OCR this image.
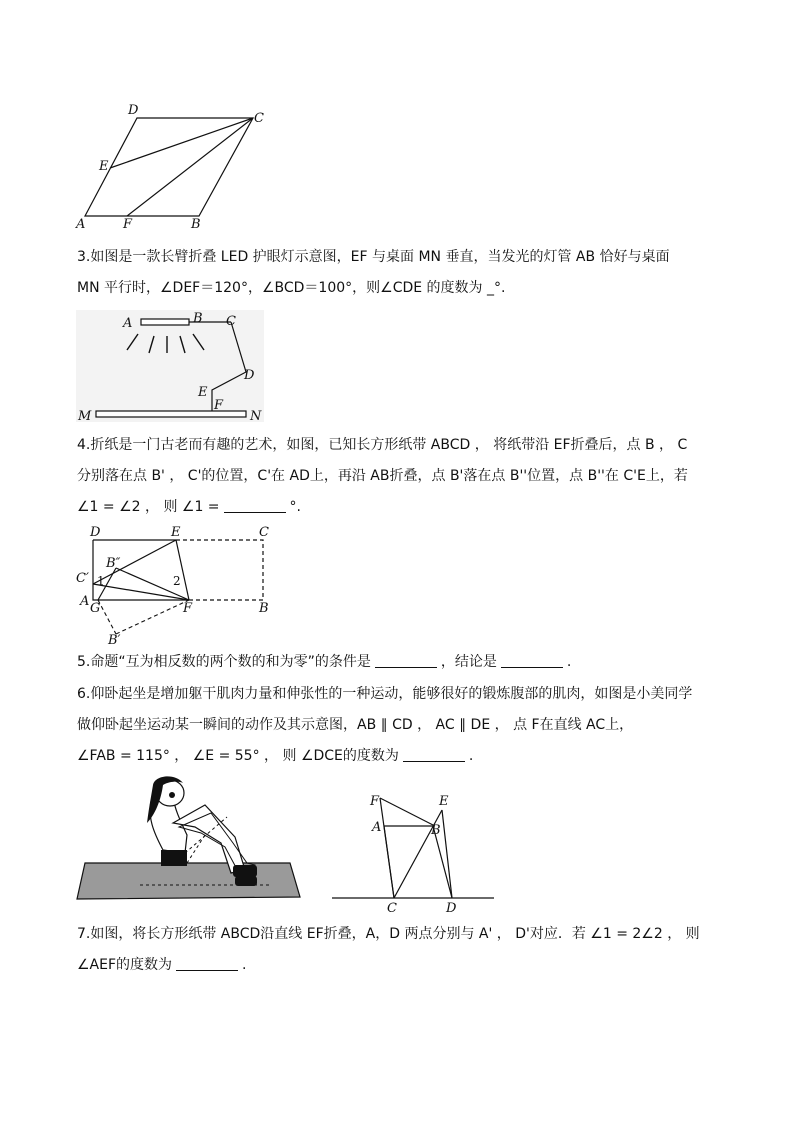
D
C
E
A	F	B
3.如图是一款长臂折叠 LED 护眼灯示意图，EF 与桌面 MN 垂直，当发光的灯管 AB 恰好与桌面
MN 平行时，∠DEF＝120°，∠BCD＝100°，则∠CDE 的度数为 _°.
A	B C
D
E
F
M	N
4.折纸是一门古老而有趣的艺术，如图，已知长方形纸带 ABCD ， 将纸带沿 EF折叠后，点 B ， C
分别落在点 B' ， C'的位置，C'在 AD上，再沿 AB折叠，点 B'落在点 B''位置，点 B''在 C'E上，若
∠1 = ∠2 ， 则 ∠1 =	°.
D	E	C
B″
C′ 1	2
A G	F	B
B′
5.命题“互为相反数的两个数的和为零”的条件是	，结论是	.
6.仰卧起坐是增加躯干肌肉力量和伸张性的一种运动，能够很好的锻炼腹部的肌肉，如图是小美同学
做仰卧起坐运动某一瞬间的动作及其示意图，AB ∥ CD ， AC ∥ DE ， 点 F在直线 AC上，
∠FAB = 115° ， ∠E = 55° ， 则 ∠DCE的度数为	.
F	E
A	B
C	D
7.如图，将长方形纸带 ABCD沿直线 EF折叠，A，D 两点分别与 A' ， D'对应．若 ∠1 = 2∠2 ， 则
∠AEF的度数为	.
